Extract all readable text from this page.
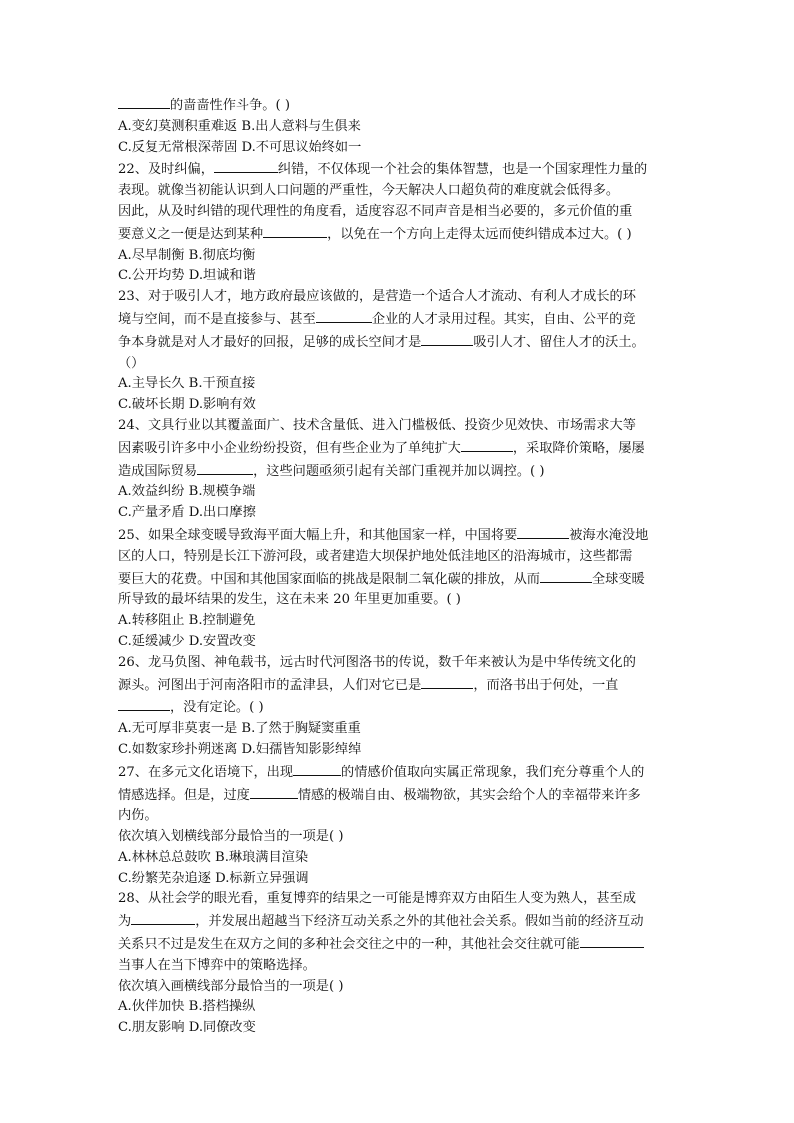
的啬啬性作斗争。( )

A.变幻莫测积重难返 B.出人意料与生俱来

C.反复无常根深蒂固 D.不可思议始终如一

22、及时纠偏，	纠错，不仅体现一个社会的集体智慧，也是一个国家理性力量的

表现。就像当初能认识到人口问题的严重性，今天解决人口超负荷的难度就会低得多。

因此，从及时纠错的现代理性的角度看，适度容忍不同声音是相当必要的，多元价值的重

要意义之一便是达到某种	，以免在一个方向上走得太远而使纠错成本过大。( )

A.尽早制衡 B.彻底均衡

C.公开均势 D.坦诚和谐

23、对于吸引人才，地方政府最应该做的，是营造一个适合人才流动、有利人才成长的环

境与空间，而不是直接参与、甚至	企业的人才录用过程。其实，自由、公平的竞

争本身就是对人才最好的回报，足够的成长空间才是	吸引人才、留住人才的沃土。

（）

A.主导长久 B.干预直接

C.破坏长期 D.影响有效

24、文具行业以其覆盖面广、技术含量低、进入门槛极低、投资少见效快、市场需求大等

因素吸引许多中小企业纷纷投资，但有些企业为了单纯扩大	，采取降价策略，屡屡

造成国际贸易	，这些问题亟须引起有关部门重视并加以调控。( )

A.效益纠纷 B.规模争端

C.产量矛盾 D.出口摩擦

25、如果全球变暖导致海平面大幅上升，和其他国家一样，中国将要	被海水淹没地

区的人口，特别是长江下游河段，或者建造大坝保护地处低洼地区的沿海城市，这些都需

要巨大的花费。中国和其他国家面临的挑战是限制二氧化碳的排放，从而	全球变暖

所导致的最坏结果的发生，这在未来 20 年里更加重要。( )

A.转移阻止 B.控制避免

C.延缓减少 D.安置改变

26、龙马负图、神龟载书，远古时代河图洛书的传说，数千年来被认为是中华传统文化的

源头。河图出于河南洛阳市的孟津县，人们对它已是	，而洛书出于何处，一直

，没有定论。( )

A.无可厚非莫衷一是 B.了然于胸疑窦重重

C.如数家珍扑朔迷离 D.妇孺皆知影影绰绰

27、在多元文化语境下，出现	的情感价值取向实属正常现象，我们充分尊重个人的

情感选择。但是，过度	情感的极端自由、极端物欲，其实会给个人的幸福带来许多

内伤。

依次填入划横线部分最恰当的一项是( )

A.林林总总鼓吹 B.琳琅满目渲染

C.纷繁芜杂追逐 D.标新立异强调

28、从社会学的眼光看，重复博弈的结果之一可能是博弈双方由陌生人变为熟人，甚至成

为	，并发展出超越当下经济互动关系之外的其他社会关系。假如当前的经济互动

关系只不过是发生在双方之间的多种社会交往之中的一种，其他社会交往就可能

当事人在当下博弈中的策略选择。

依次填入画横线部分最恰当的一项是( )

A.伙伴加快 B.搭档操纵

C.朋友影响 D.同僚改变
